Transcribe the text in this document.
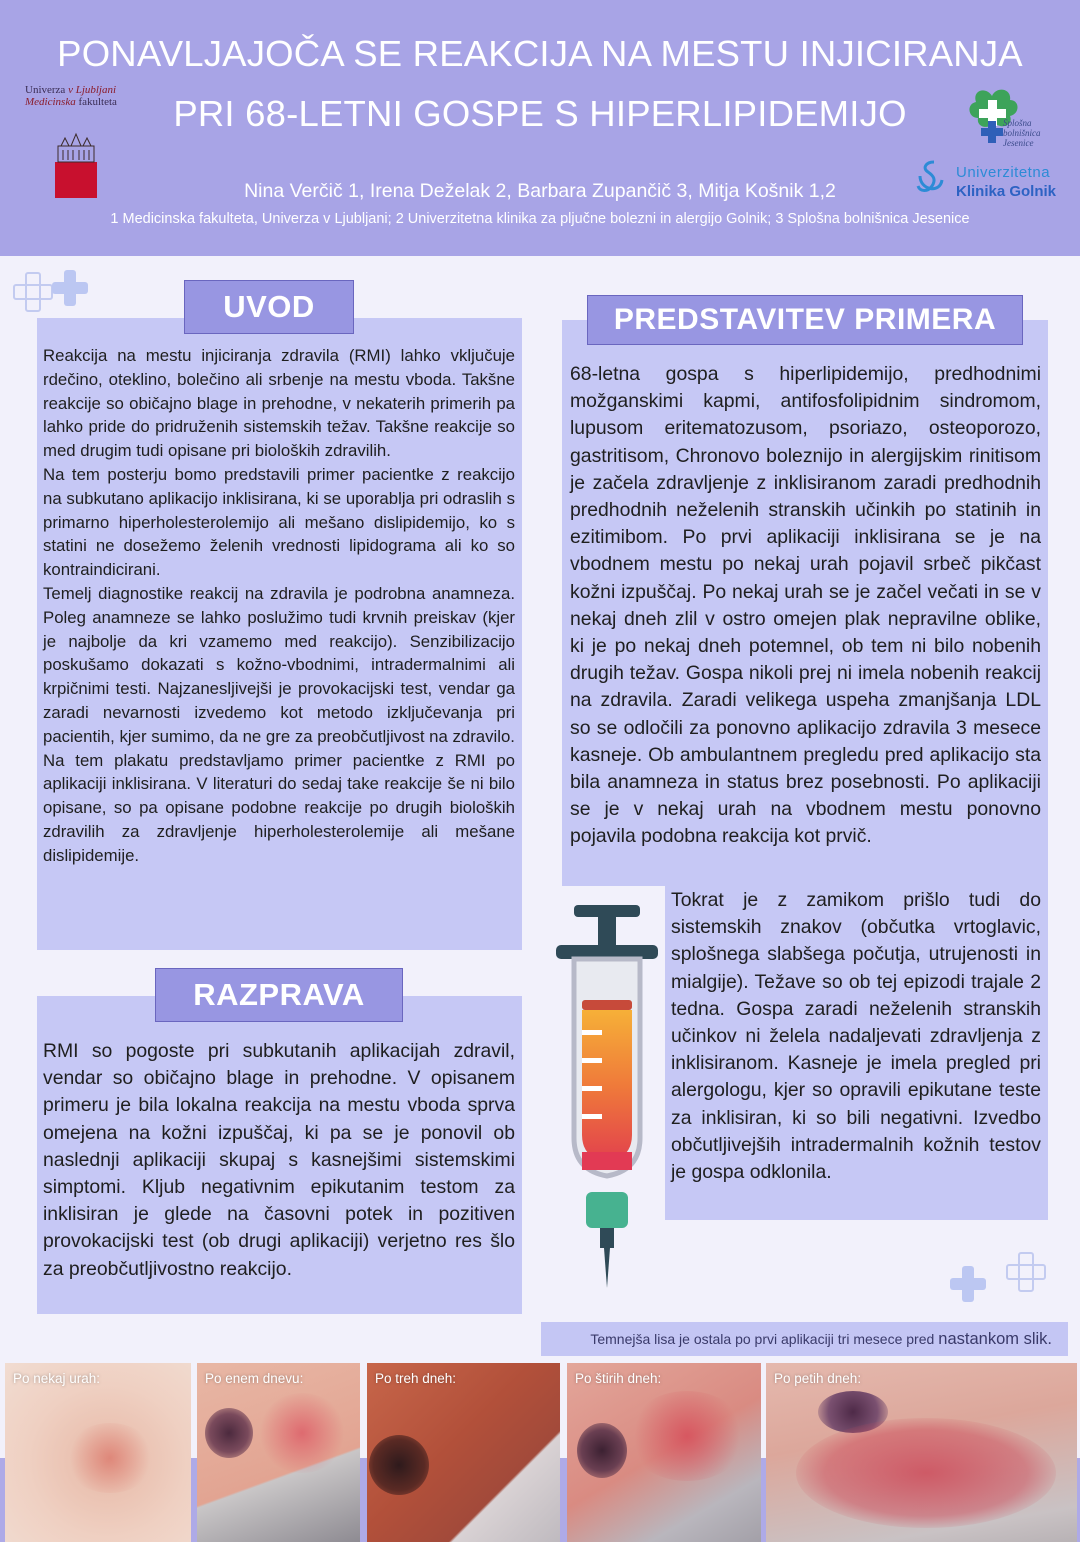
PONAVLJAJOČA SE REAKCIJA NA MESTU INJICIRANJA
PRI 68-LETNI GOSPE S HIPERLIPIDEMIJO
Nina Verčič 1, Irena Deželak 2, Barbara Zupančič 3, Mitja Košnik 1,2
1 Medicinska fakulteta, Univerza v Ljubljani; 2 Univerzitetna klinika za pljučne bolezni in alergijo Golnik; 3 Splošna bolnišnica Jesenice
Univerza v Ljubljani
Medicinska fakulteta
Splošna
bolnišnica
Jesenice
Univerzitetna
Klinika Golnik

Reakcija na mestu injiciranja zdravila (RMI) lahko vključuje rdečino, oteklino, bolečino ali srbenje na mestu vboda. Takšne reakcije so običajno blage in prehodne, v nekaterih primerih pa lahko pride do pridruženih sistemskih težav. Takšne reakcije so med drugim tudi opisane pri bioloških zdravilih.

Na tem posterju bomo predstavili primer pacientke z reakcijo na subkutano aplikacijo inklisirana, ki se uporablja pri odraslih s primarno hiperholesterolemijo ali mešano dislipidemijo, ko s statini ne dosežemo želenih vrednosti lipidograma ali ko so kontraindicirani.

Temelj diagnostike reakcij na zdravila je podrobna anamneza. Poleg anamneze se lahko poslužimo tudi krvnih preiskav (kjer je najbolje da kri vzamemo med reakcijo). Senzibilizacijo poskušamo dokazati s kožno-vbodnimi, intradermalnimi ali krpičnimi testi. Najzanesljivejši je provokacijski test, vendar ga zaradi nevarnosti izvedemo kot metodo izključevanja pri pacientih, kjer sumimo, da ne gre za preobčutljivost na zdravilo.

Na tem plakatu predstavljamo primer pacientke z RMI po aplikaciji inklisirana. V literaturi do sedaj take reakcije še ni bilo opisane, so pa opisane podobne reakcije po drugih bioloških zdravilih za zdravljenje hiperholesterolemije ali mešane dislipidemije.

UVOD
RMI so pogoste pri subkutanih aplikacijah zdravil, vendar so običajno blage in prehodne. V opisanem primeru je bila lokalna reakcija na mestu vboda sprva omejena na kožni izpuščaj, ki pa se je ponovil ob naslednji aplikaciji skupaj s kasnejšimi sistemskimi simptomi. Kljub negativnim epikutanim testom za inklisiran je glede na časovni potek in pozitiven provokacijski test (ob drugi aplikaciji) verjetno res šlo za preobčutljivostno reakcijo.
RAZPRAVA
68-letna gospa s hiperlipidemijo, predhodnimi možganskimi kapmi, antifosfolipidnim sindromom, lupusom eritematozusom, psoriazo, osteoporozo, gastritisom, Chronovo boleznijo in alergijskim rinitisom je začela zdravljenje z inklisiranom zaradi predhodnih predhodnih neželenih stranskih učinkih po statinih in ezitimibom. Po prvi aplikaciji inklisirana se je na vbodnem mestu po nekaj urah pojavil srbeč pikčast kožni izpuščaj. Po nekaj urah se je začel večati in se v nekaj dneh zlil v ostro omejen plak nepravilne oblike, ki je po nekaj dneh potemnel, ob tem ni bilo nobenih drugih težav. Gospa nikoli prej ni imela nobenih reakcij na zdravila. Zaradi velikega uspeha zmanjšanja LDL so se odločili za ponovno aplikacijo zdravila 3 mesece kasneje. Ob ambulantnem pregledu pred aplikacijo sta bila anamneza in status brez posebnosti. Po aplikaciji se je v nekaj urah na vbodnem mestu ponovno pojavila podobna reakcija kot prvič.
Tokrat je z zamikom prišlo tudi do sistemskih znakov (občutka vrtoglavic, splošnega slabšega počutja, utrujenosti in mialgije). Težave so ob tej epizodi trajale 2 tedna. Gospa zaradi neželenih stranskih učinkov ni želela nadaljevati zdravljenja z inklisiranom. Kasneje je imela pregled pri alergologu, kjer so opravili epikutane teste za inklisiran, ki so bili negativni. Izvedbo občutljivejših intradermalnih kožnih testov je gospa odklonila.
PREDSTAVITEV PRIMERA
Temnejša lisa je ostala po prvi aplikaciji tri mesece pred nastankom slik.
Po nekaj urah:	Po enem dnevu:	Po treh dneh:	Po štirih dneh:	Po petih dneh:
